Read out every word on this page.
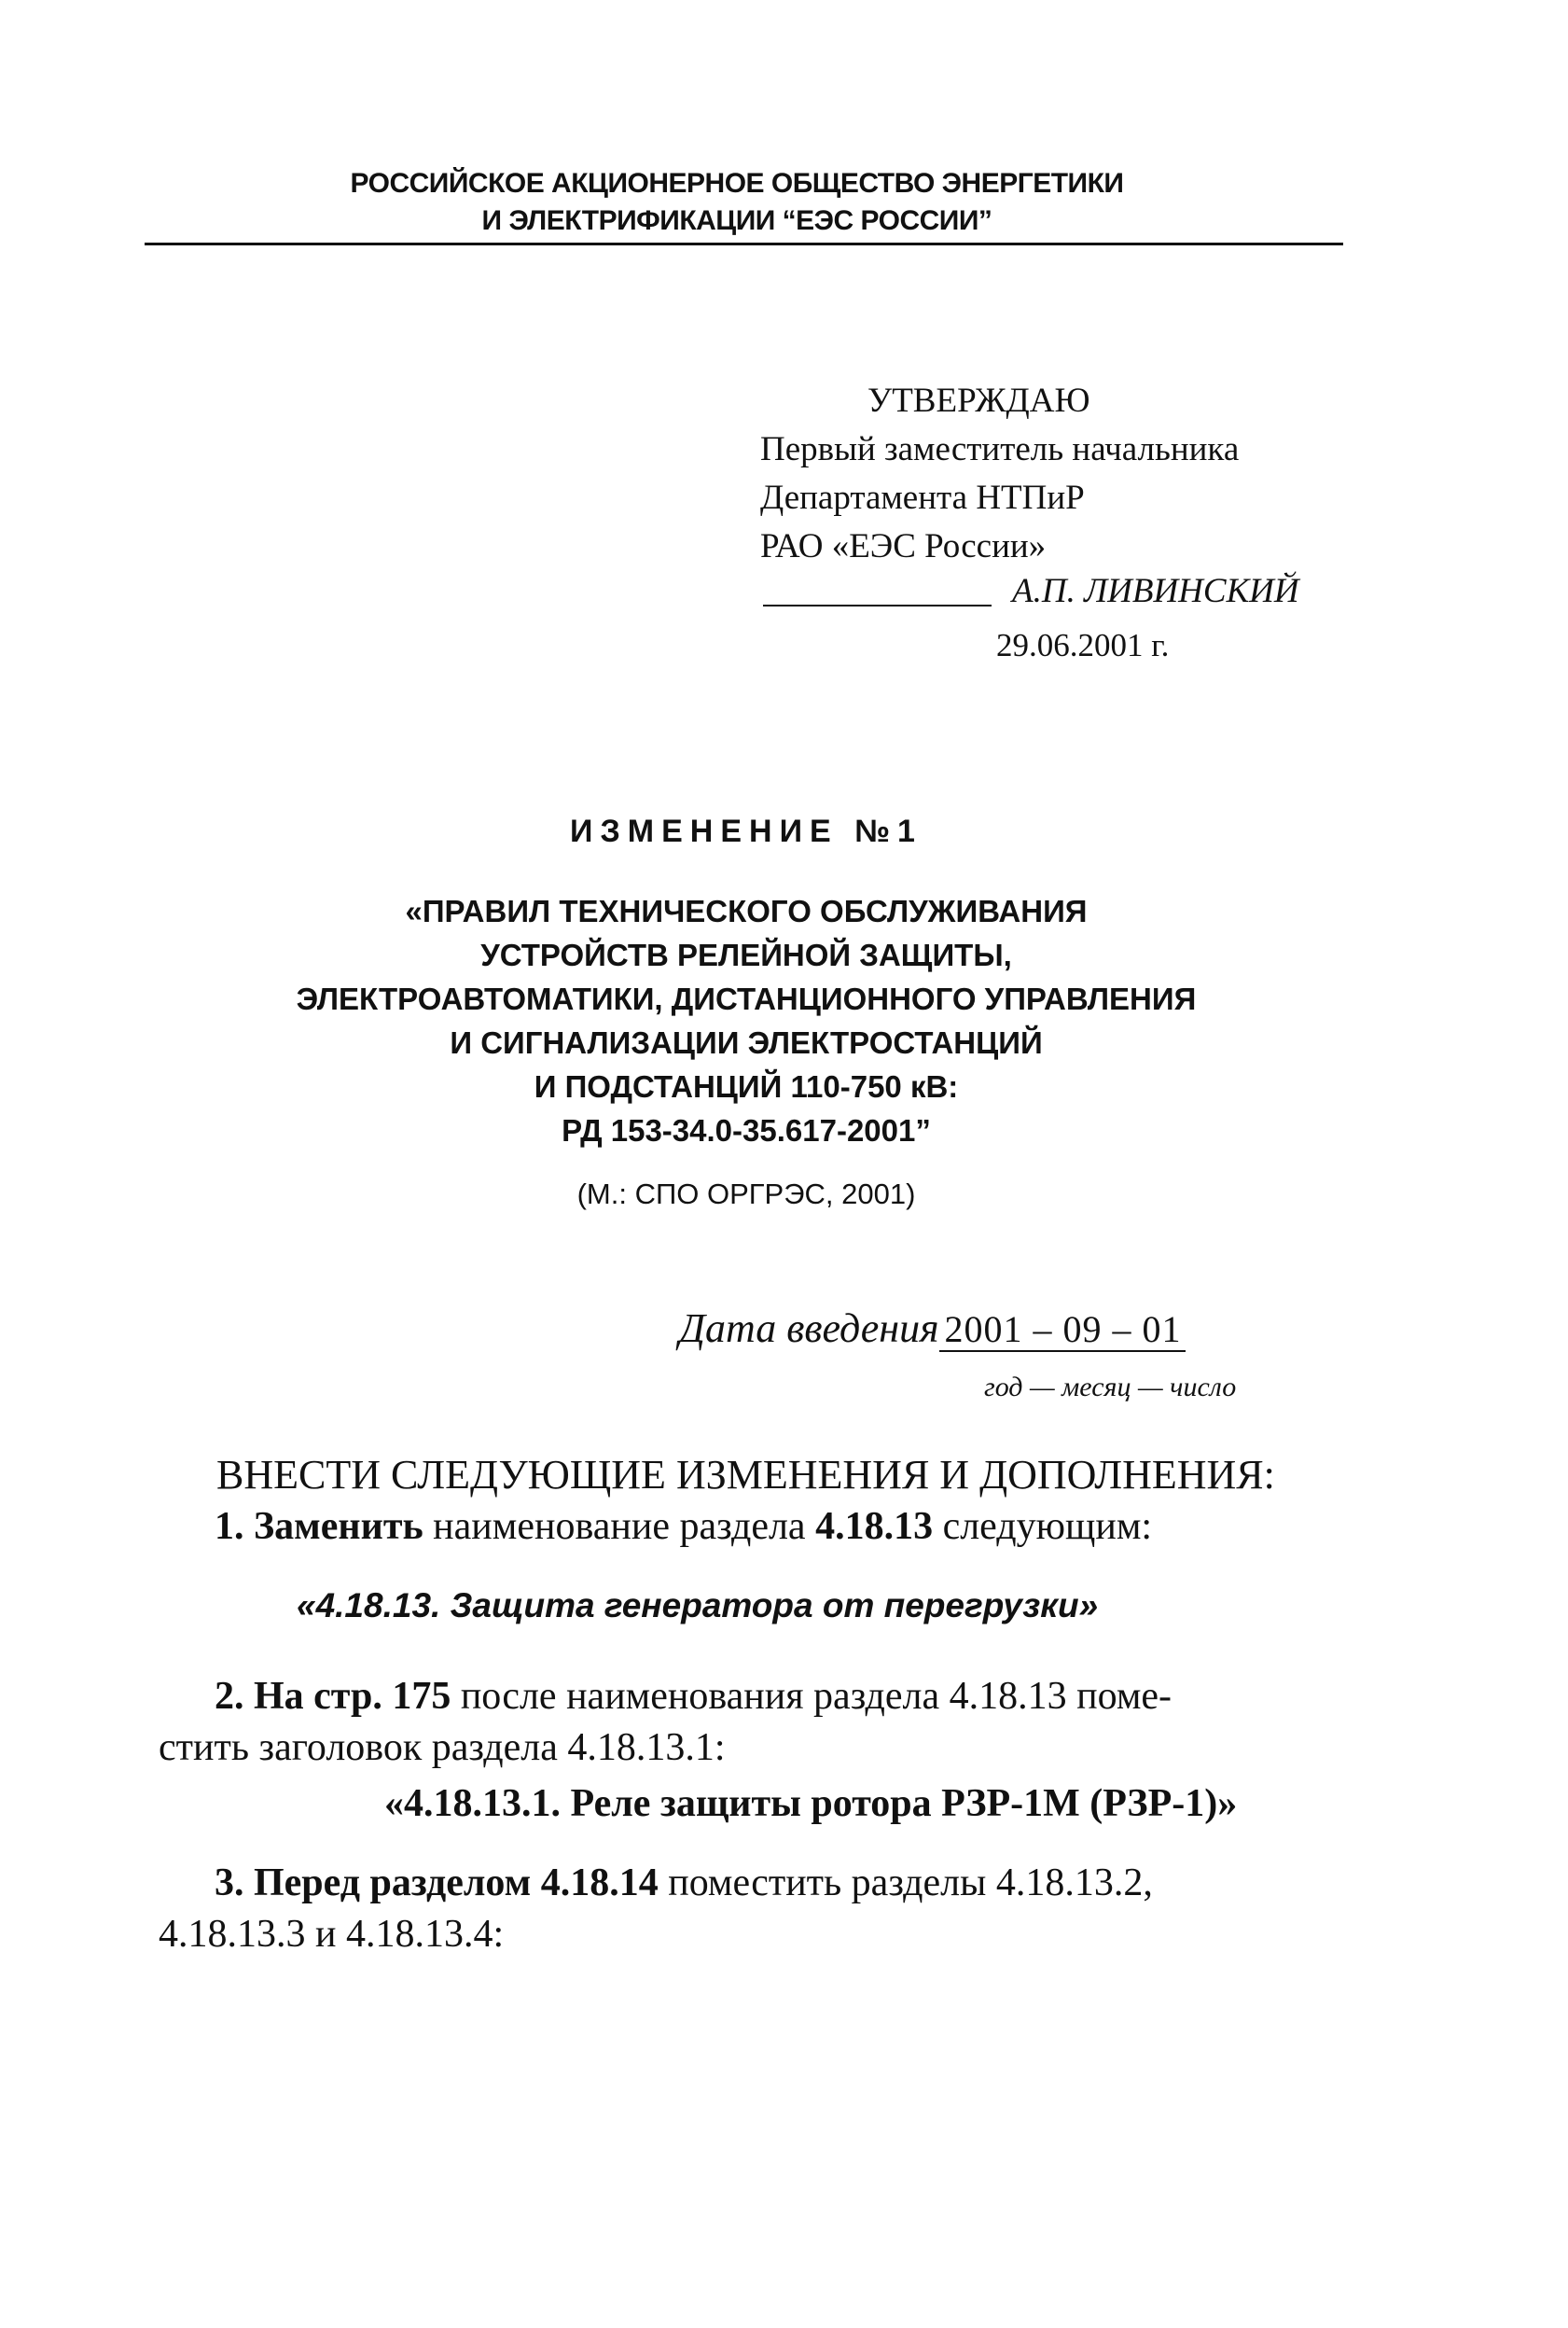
РОССИЙСКОЕ АКЦИОНЕРНОЕ ОБЩЕСТВО ЭНЕРГЕТИКИ
И ЭЛЕКТРИФИКАЦИИ “ЕЭС РОССИИ”
УТВЕРЖДАЮ
Первый заместитель начальника
Департамента НТПиР
РАО «ЕЭС России»
А.П. ЛИВИНСКИЙ
29.06.2001 г.
ИЗМЕНЕНИЕ №1
«ПРАВИЛ ТЕХНИЧЕСКОГО ОБСЛУЖИВАНИЯ
УСТРОЙСТВ РЕЛЕЙНОЙ ЗАЩИТЫ,
ЭЛЕКТРОАВТОМАТИКИ, ДИСТАНЦИОННОГО УПРАВЛЕНИЯ
И СИГНАЛИЗАЦИИ ЭЛЕКТРОСТАНЦИЙ
И ПОДСТАНЦИЙ 110-750 кВ:
РД 153-34.0-35.617-2001”
(М.: СПО ОРГРЭС, 2001)
Дата введения 2001 – 09 – 01
год — месяц — число
ВНЕСТИ СЛЕДУЮЩИЕ ИЗМЕНЕНИЯ И ДОПОЛНЕНИЯ:
1. Заменить наименование раздела 4.18.13 следующим:
«4.18.13. Защита генератора от перегрузки»
2. На стр. 175 после наименования раздела 4.18.13 поме-
стить заголовок раздела 4.18.13.1:
«4.18.13.1. Реле защиты ротора РЗР-1М (РЗР-1)»
3. Перед разделом 4.18.14 поместить разделы 4.18.13.2,
4.18.13.3 и 4.18.13.4:
